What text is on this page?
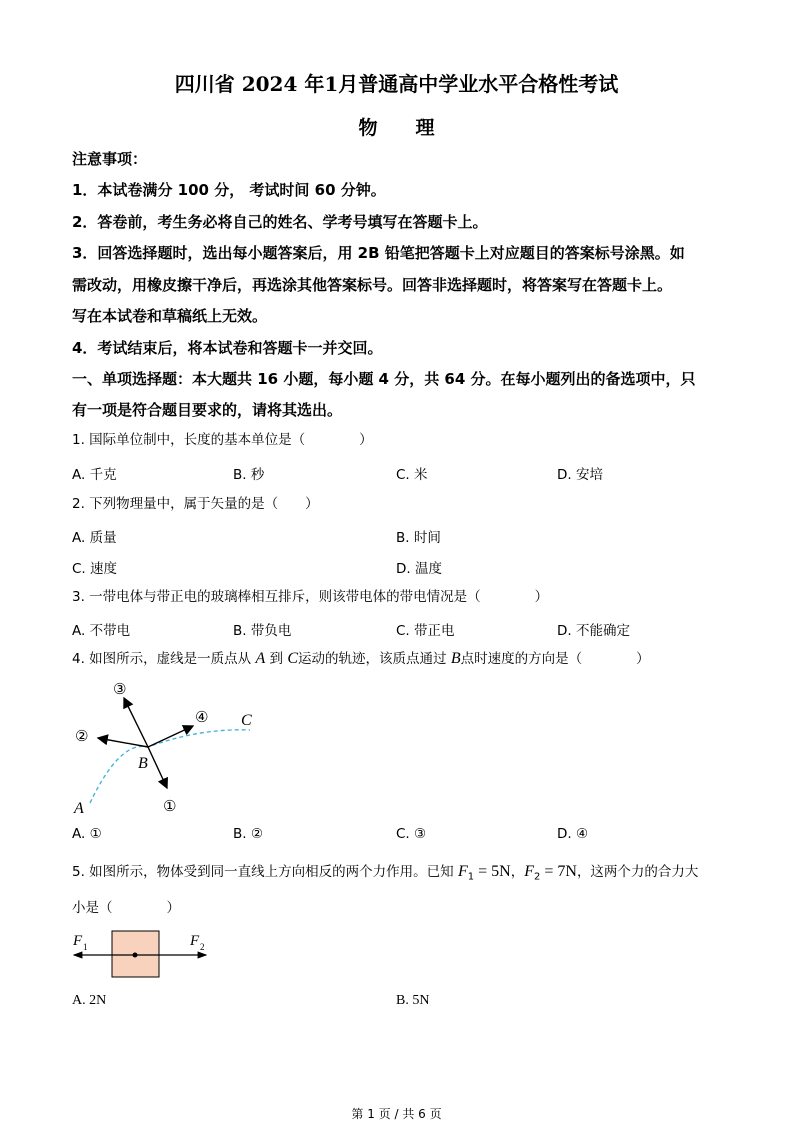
四川省 2024 年1月普通高中学业水平合格性考试
物　　理
注意事项：
1．本试卷满分 100 分， 考试时间 60 分钟。
2．答卷前，考生务必将自己的姓名、学考号填写在答题卡上。
3．回答选择题时，选出每小题答案后，用 2B 铅笔把答题卡上对应题目的答案标号涂黑。如
需改动，用橡皮擦干净后，再选涂其他答案标号。回答非选择题时，将答案写在答题卡上。
写在本试卷和草稿纸上无效。
4．考试结束后，将本试卷和答题卡一并交回。
一、单项选择题：本大题共 16 小题，每小题 4 分，共 64 分。在每小题列出的备选项中，只
有一项是符合题目要求的，请将其选出。
1. 国际单位制中，长度的基本单位是（　　　　）
A. 千克	B. 秒	C. 米	D. 安培
2. 下列物理量中，属于矢量的是（　　）
A. 质量	B. 时间
C. 速度	D. 温度
3. 一带电体与带正电的玻璃棒相互排斥，则该带电体的带电情况是（　　　　）
A. 不带电	B. 带负电	C. 带正电	D. 不能确定
4. 如图所示，虚线是一质点从 A 到 C运动的轨迹，该质点通过 B点时速度的方向是（　　　　）
①
②
③
④
A
B
C
A. ①	B. ②	C. ③	D. ④
5. 如图所示，物体受到同一直线上方向相反的两个力作用。已知 $F_1 = 5N$，$F_2 = 7N$，这两个力的合力大
小是（　　　　）
F 1	F 2
A. 2N	B. 5N
第 1 页 / 共 6 页
